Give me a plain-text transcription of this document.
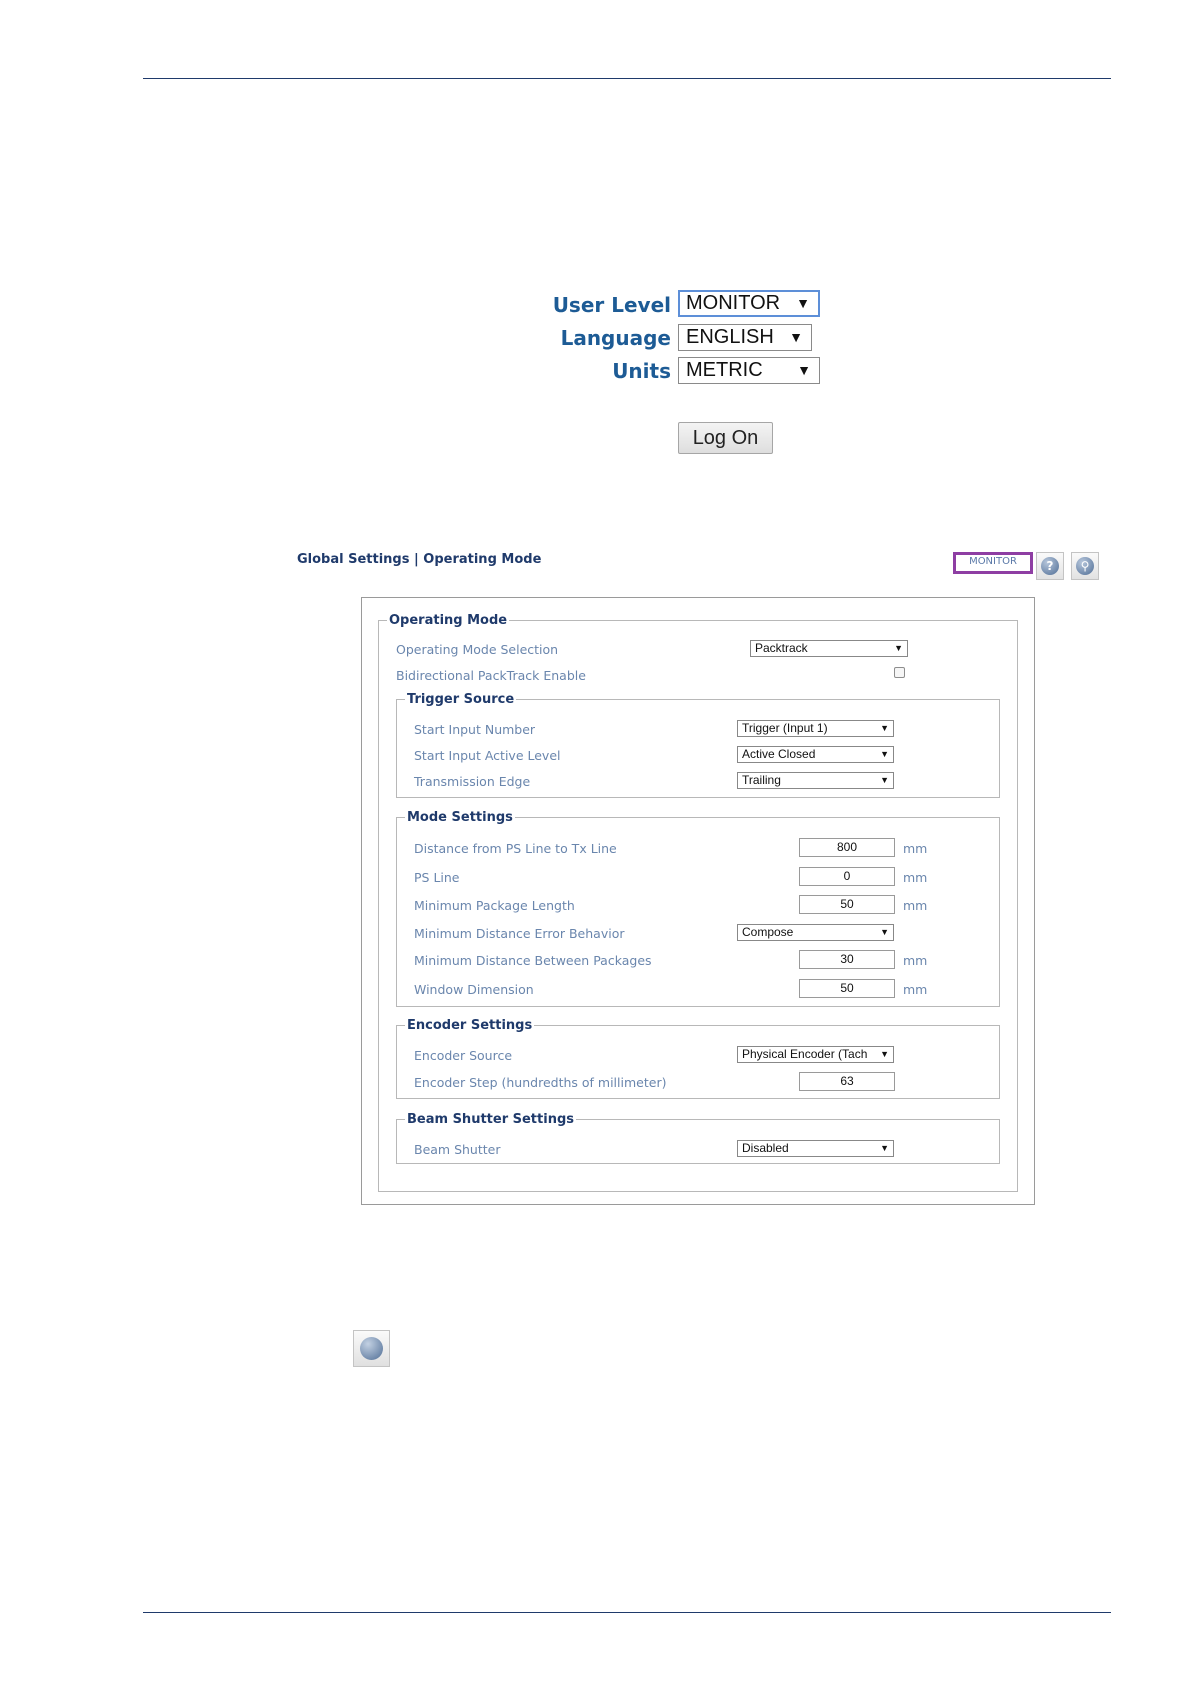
User Level MONITOR ▼
Language ENGLISH ▼
Units METRIC ▼
Log On
Global Settings | Operating Mode	MONITOR	?	⚲
Operating Mode
Operating Mode Selection	Packtrack	▼
Bidirectional PackTrack Enable
Trigger Source
Start Input Number	Trigger (Input 1)	▼
Start Input Active Level	Active Closed	▼
Transmission Edge	Trailing	▼
Mode Settings
Distance from PS Line to Tx Line	800	mm
PS Line	0	mm
Minimum Package Length	50	mm
Minimum Distance Error Behavior	Compose	▼
Minimum Distance Between Packages	30	mm
Window Dimension	50	mm
Encoder Settings
Encoder Source	Physical Encoder (Tach ▼
Encoder Step (hundredths of millimeter)	63
Beam Shutter Settings
Beam Shutter	Disabled	▼
